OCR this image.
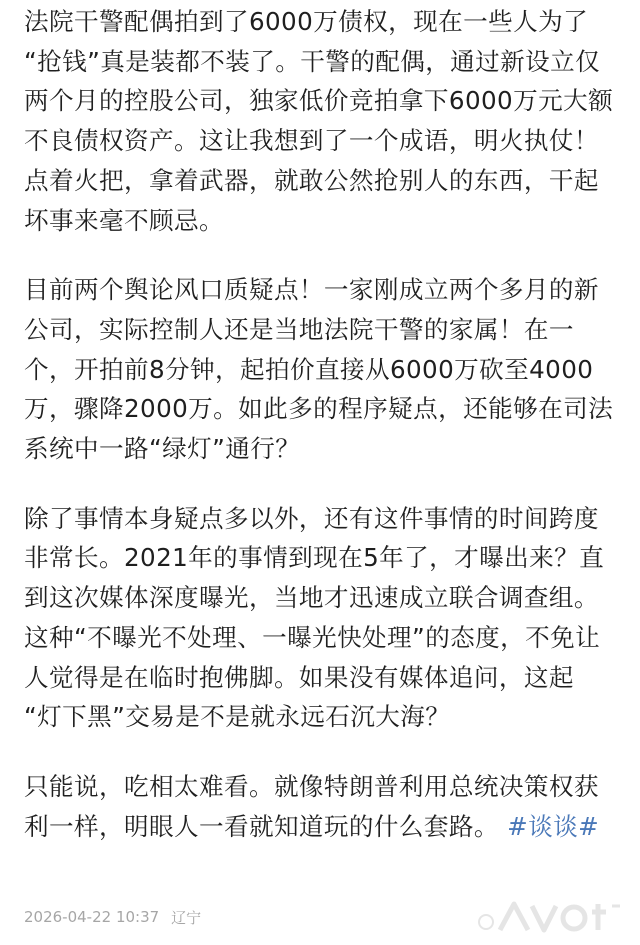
法院干警配偶拍到了6000万债权，现在一些人为了
“抢钱”真是装都不装了。干警的配偶，通过新设立仅
两个月的控股公司，独家低价竞拍拿下6000万元大额
不良债权资产。这让我想到了一个成语，明火执仗！
点着火把，拿着武器，就敢公然抢别人的东西，干起
坏事来毫不顾忌。

目前两个舆论风口质疑点！一家刚成立两个多月的新
公司，实际控制人还是当地法院干警的家属！在一
个，开拍前8分钟，起拍价直接从6000万砍至4000
万，骤降2000万。如此多的程序疑点，还能够在司法
系统中一路“绿灯”通行？

除了事情本身疑点多以外，还有这件事情的时间跨度
非常长。2021年的事情到现在5年了，才曝出来？直
到这次媒体深度曝光，当地才迅速成立联合调查组。
这种“不曝光不处理、一曝光快处理”的态度，不免让
人觉得是在临时抱佛脚。如果没有媒体追问，这起
“灯下黑”交易是不是就永远石沉大海？

只能说，吃相太难看。就像特朗普利用总统决策权获
利一样，明眼人一看就知道玩的什么套路。 #谈谈#

2026-04-22 10:37 辽宁
